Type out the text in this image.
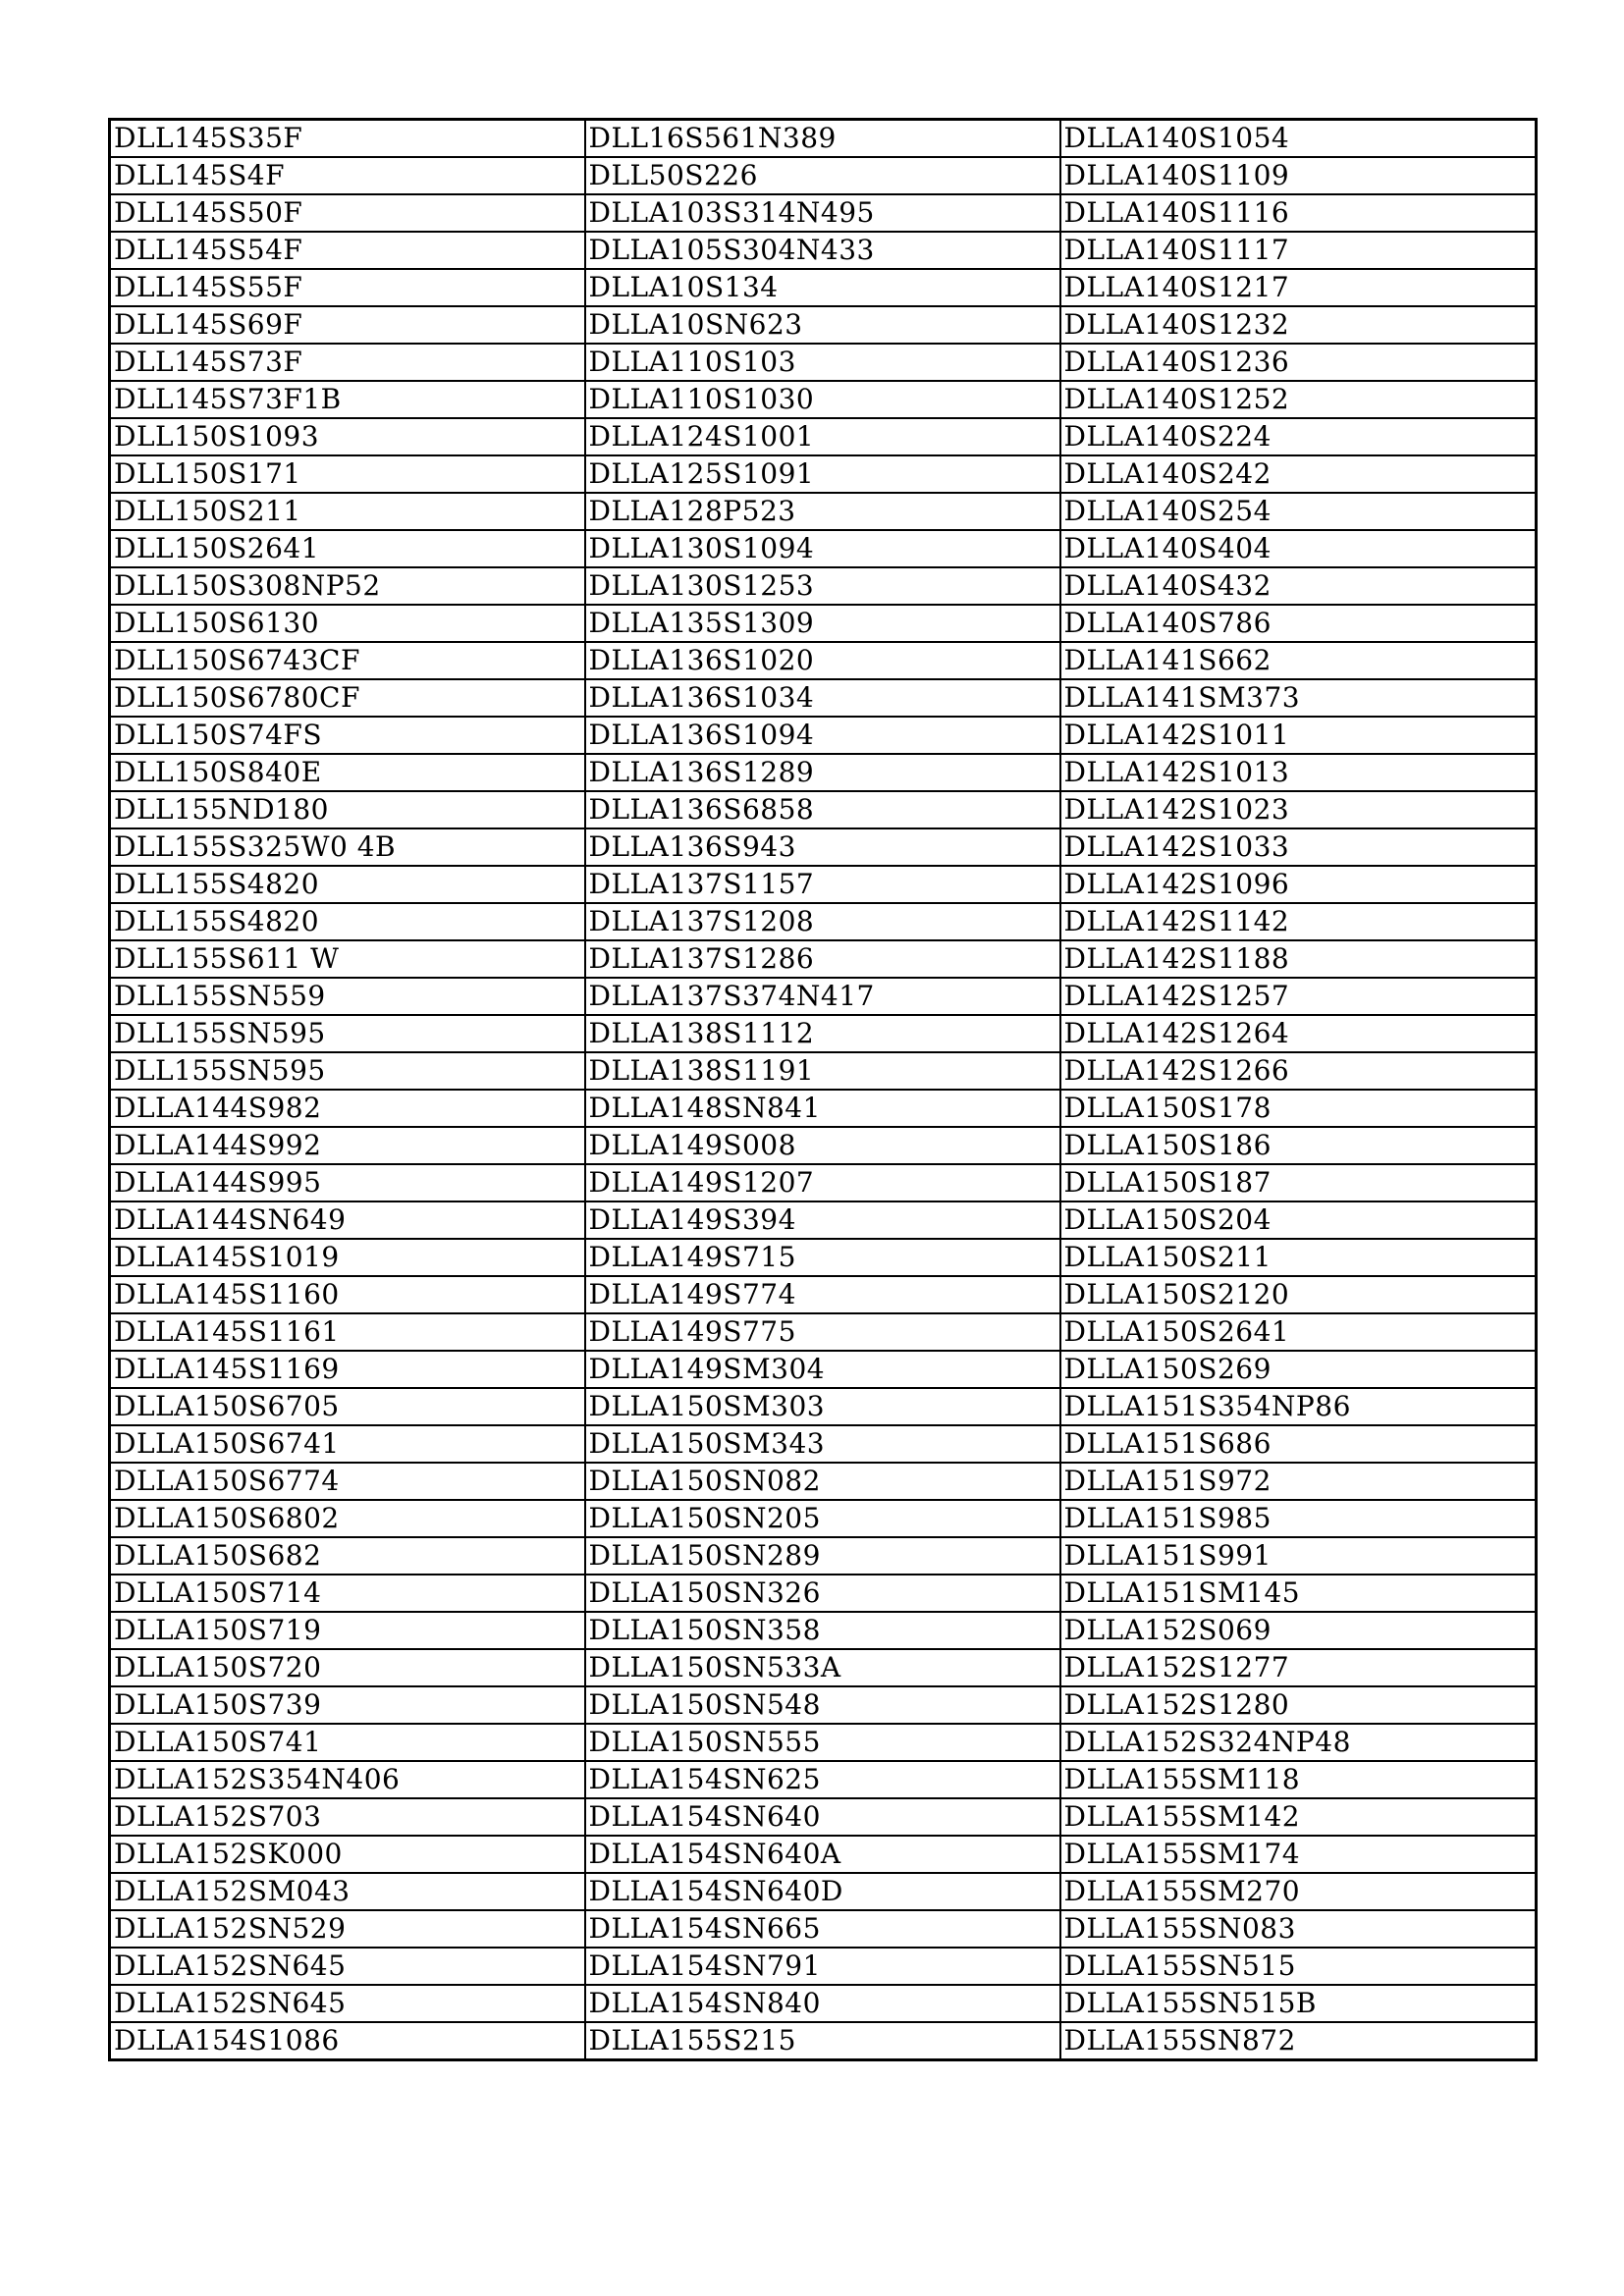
DLL145S35F	DLL16S561N389	DLLA140S1054
DLL145S4F	DLL50S226	DLLA140S1109
DLL145S50F	DLLA103S314N495	DLLA140S1116
DLL145S54F	DLLA105S304N433	DLLA140S1117
DLL145S55F	DLLA10S134	DLLA140S1217
DLL145S69F	DLLA10SN623	DLLA140S1232
DLL145S73F	DLLA110S103	DLLA140S1236
DLL145S73F1B	DLLA110S1030	DLLA140S1252
DLL150S1093	DLLA124S1001	DLLA140S224
DLL150S171	DLLA125S1091	DLLA140S242
DLL150S211	DLLA128P523	DLLA140S254
DLL150S2641	DLLA130S1094	DLLA140S404
DLL150S308NP52	DLLA130S1253	DLLA140S432
DLL150S6130	DLLA135S1309	DLLA140S786
DLL150S6743CF	DLLA136S1020	DLLA141S662
DLL150S6780CF	DLLA136S1034	DLLA141SM373
DLL150S74FS	DLLA136S1094	DLLA142S1011
DLL150S840E	DLLA136S1289	DLLA142S1013
DLL155ND180	DLLA136S6858	DLLA142S1023
DLL155S325W0 4B	DLLA136S943	DLLA142S1033
DLL155S4820	DLLA137S1157	DLLA142S1096
DLL155S4820	DLLA137S1208	DLLA142S1142
DLL155S611 W	DLLA137S1286	DLLA142S1188
DLL155SN559	DLLA137S374N417	DLLA142S1257
DLL155SN595	DLLA138S1112	DLLA142S1264
DLL155SN595	DLLA138S1191	DLLA142S1266
DLLA144S982	DLLA148SN841	DLLA150S178
DLLA144S992	DLLA149S008	DLLA150S186
DLLA144S995	DLLA149S1207	DLLA150S187
DLLA144SN649	DLLA149S394	DLLA150S204
DLLA145S1019	DLLA149S715	DLLA150S211
DLLA145S1160	DLLA149S774	DLLA150S2120
DLLA145S1161	DLLA149S775	DLLA150S2641
DLLA145S1169	DLLA149SM304	DLLA150S269
DLLA150S6705	DLLA150SM303	DLLA151S354NP86
DLLA150S6741	DLLA150SM343	DLLA151S686
DLLA150S6774	DLLA150SN082	DLLA151S972
DLLA150S6802	DLLA150SN205	DLLA151S985
DLLA150S682	DLLA150SN289	DLLA151S991
DLLA150S714	DLLA150SN326	DLLA151SM145
DLLA150S719	DLLA150SN358	DLLA152S069
DLLA150S720	DLLA150SN533A	DLLA152S1277
DLLA150S739	DLLA150SN548	DLLA152S1280
DLLA150S741	DLLA150SN555	DLLA152S324NP48
DLLA152S354N406	DLLA154SN625	DLLA155SM118
DLLA152S703	DLLA154SN640	DLLA155SM142
DLLA152SK000	DLLA154SN640A	DLLA155SM174
DLLA152SM043	DLLA154SN640D	DLLA155SM270
DLLA152SN529	DLLA154SN665	DLLA155SN083
DLLA152SN645	DLLA154SN791	DLLA155SN515
DLLA152SN645	DLLA154SN840	DLLA155SN515B
DLLA154S1086	DLLA155S215	DLLA155SN872
